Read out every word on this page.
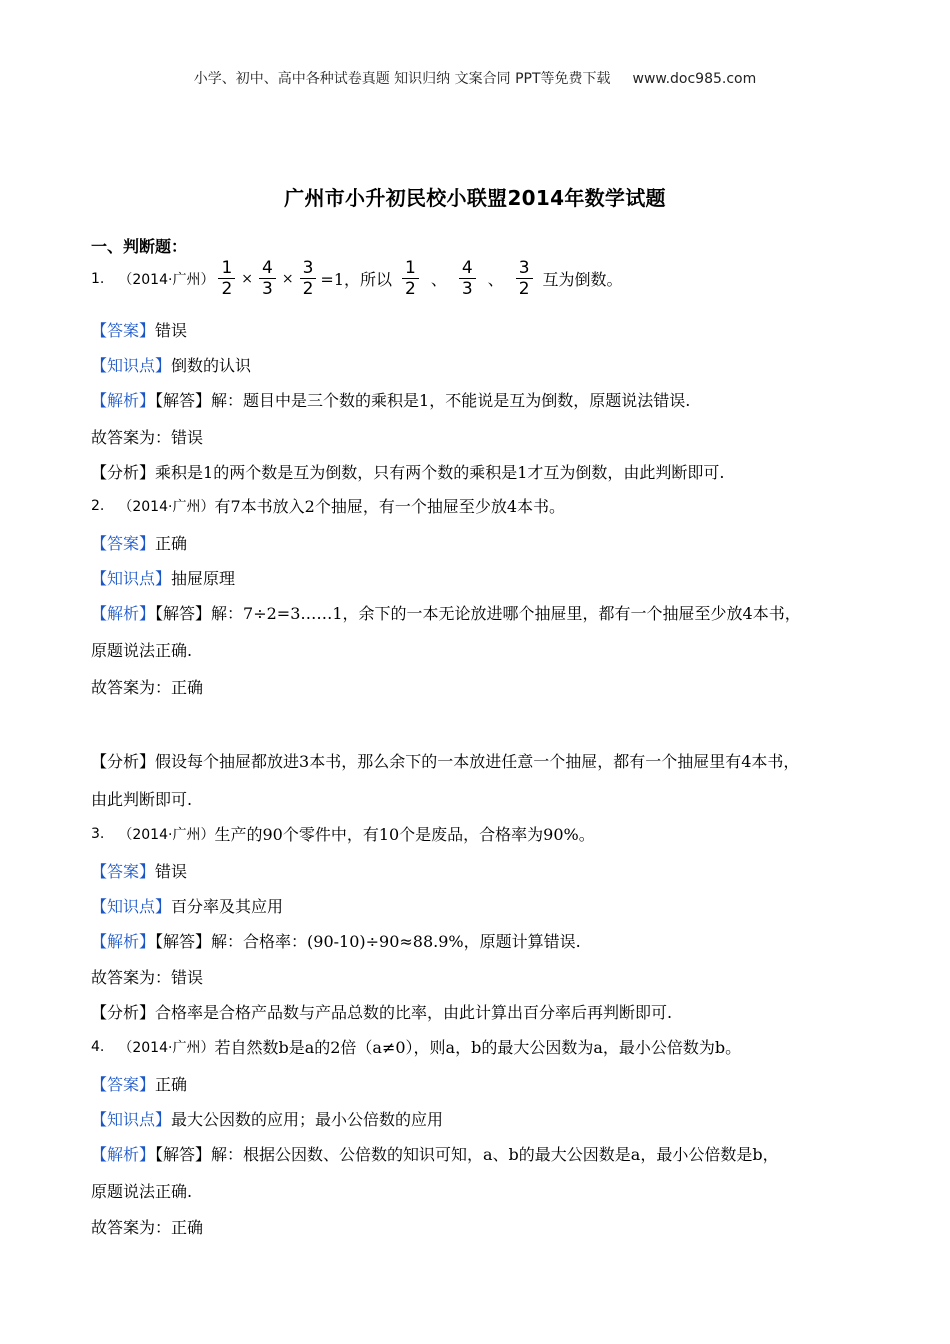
小学、初中、高中各种试卷真题 知识归纳 文案合同 PPT等免费下载 www.doc985.com
广州市小升初民校小联盟2014年数学试题
一、判断题：
1. （2014·广州） $\frac{1}{2} \times \frac{4}{3} \times \frac{3}{2} =1$，所以 $\frac{1}{2}$ 、 $\frac{4}{3}$ 、 $\frac{3}{2}$ 互为倒数。
【答案】错误
【知识点】倒数的认识
【解析】【解答】解：题目中是三个数的乘积是1，不能说是互为倒数，原题说法错误.
故答案为：错误
【分析】乘积是1的两个数是互为倒数，只有两个数的乘积是1才互为倒数，由此判断即可.
2. （2014·广州） 有7本书放入2个抽屉，有一个抽屉至少放4本书。
【答案】正确
【知识点】抽屉原理
【解析】【解答】解：7÷2=3……1，余下的一本无论放进哪个抽屉里，都有一个抽屉至少放4本书，
原题说法正确.
故答案为：正确
【分析】假设每个抽屉都放进3本书，那么余下的一本放进任意一个抽屉，都有一个抽屉里有4本书，
由此判断即可.
3. （2014·广州） 生产的90个零件中，有10个是废品，合格率为90%。
【答案】错误
【知识点】百分率及其应用
【解析】【解答】解：合格率：(90-10)÷90≈88.9%，原题计算错误.
故答案为：错误
【分析】合格率是合格产品数与产品总数的比率，由此计算出百分率后再判断即可.
4. （2014·广州） 若自然数b是a的2倍（a≠0），则a，b的最大公因数为a，最小公倍数为b。
【答案】正确
【知识点】最大公因数的应用；最小公倍数的应用
【解析】【解答】解：根据公因数、公倍数的知识可知，a、b的最大公因数是a，最小公倍数是b，
原题说法正确.
故答案为：正确
